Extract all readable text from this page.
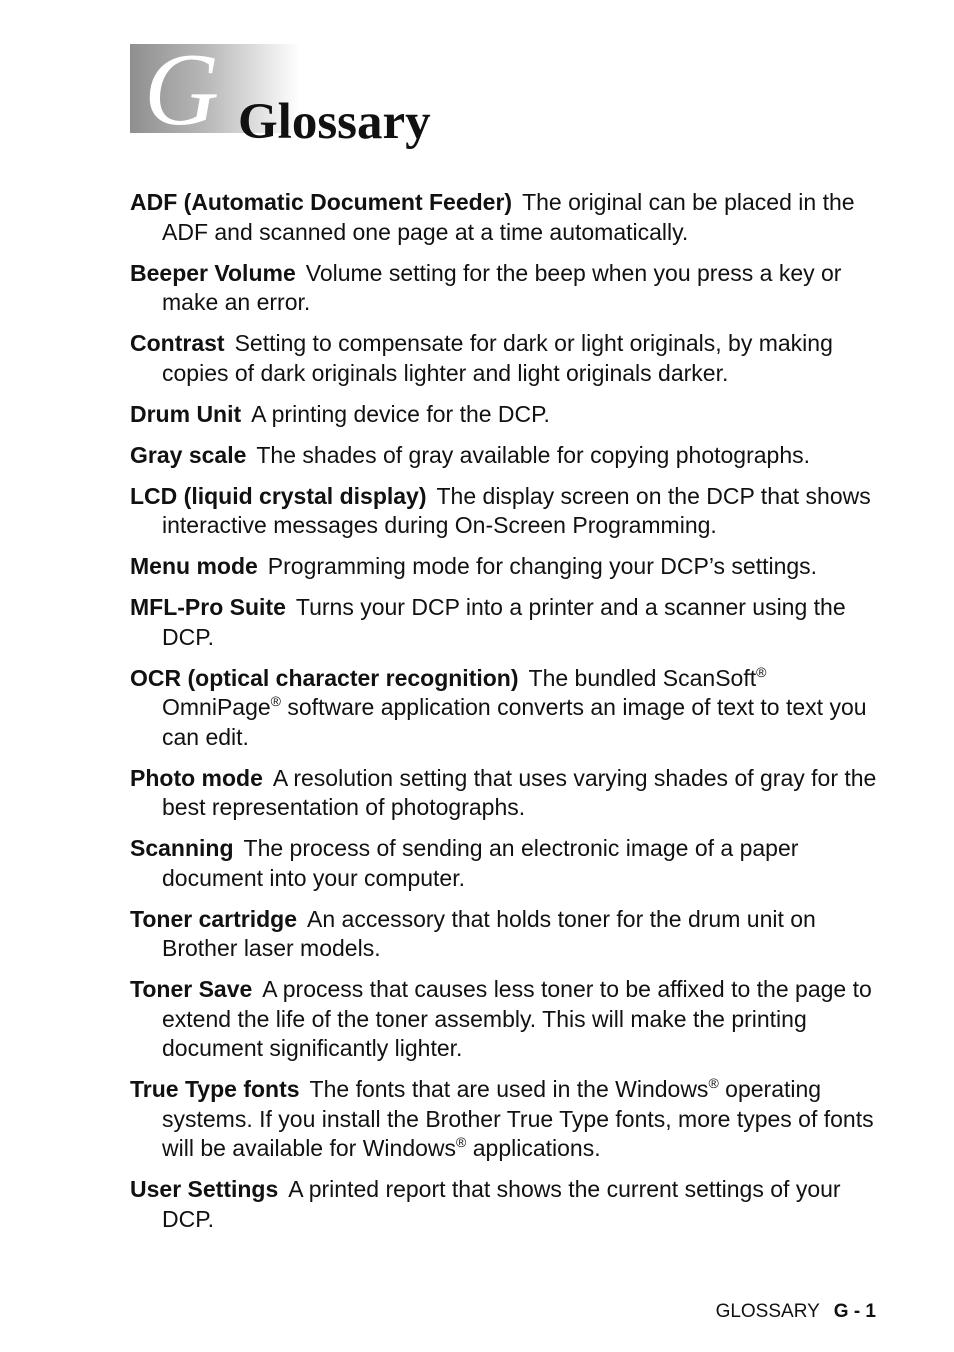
G Glossary

ADF (Automatic Document Feeder) The original can be placed in the ADF and scanned one page at a time automatically.

Beeper Volume Volume setting for the beep when you press a key or make an error.

Contrast Setting to compensate for dark or light originals, by making copies of dark originals lighter and light originals darker.

Drum Unit A printing device for the DCP.

Gray scale The shades of gray available for copying photographs.

LCD (liquid crystal display) The display screen on the DCP that shows interactive messages during On-Screen Programming.

Menu mode Programming mode for changing your DCP’s settings.

MFL-Pro Suite Turns your DCP into a printer and a scanner using the DCP.

OCR (optical character recognition) The bundled ScanSoft® OmniPage® software application converts an image of text to text you can edit.

Photo mode A resolution setting that uses varying shades of gray for the best representation of photographs.

Scanning The process of sending an electronic image of a paper document into your computer.

Toner cartridge An accessory that holds toner for the drum unit on Brother laser models.

Toner Save A process that causes less toner to be affixed to the page to extend the life of the toner assembly. This will make the printing document significantly lighter.

True Type fonts The fonts that are used in the Windows® operating systems. If you install the Brother True Type fonts, more types of fonts will be available for Windows® applications.

User Settings A printed report that shows the current settings of your DCP.

GLOSSARY G - 1
